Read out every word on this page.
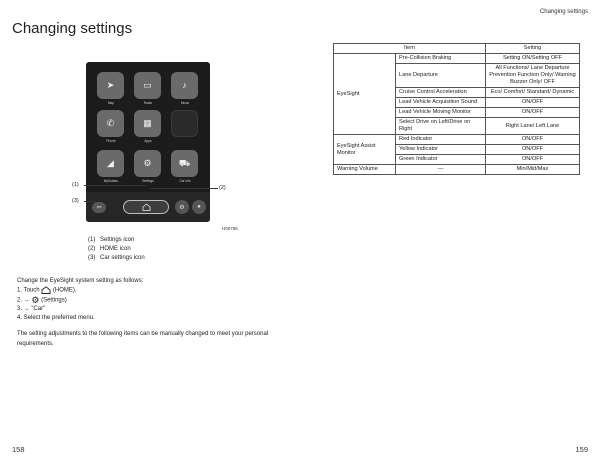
Changing settings
Changing settings
➤
Map
▭
Radio
♪
Music
✆
Phone
▦
Apps
◢
MySubaru
⚙
Settings
⛟
Car Info
⇦	⚙	●
(1)	(2)
(3)
H00756
(1) Settings icon
(2) HOME icon
(3) Car settings icon

Change the EyeSight system setting as follows:

1. Touch (HOME).

2. → ⚙ (Settings)

3. → "Car"

4. Select the preferred menu.

The setting adjustments to the following items can be manually changed to meet your personal requirements.
Item		Setting
EyeSight	Pre-Collision Braking	Setting ON/Setting OFF
	Lane Departure	All Functions/ Lane Departure Prevention Function Only/ Warning Buzzer Only/ OFF
	Cruise Control Acceleration	Eco/ Comfort/ Standard/ Dynamic
	Lead Vehicle Acquisition Sound	ON/OFF
	Lead Vehicle Moving Monitor	ON/OFF
	Select Drive on Left/Drive on Right	Right Lane/ Left Lane
EyeSight Assist Monitor	Red Indicator	ON/OFF
	Yellow Indicator	ON/OFF
	Green Indicator	ON/OFF
Warning Volume	—	Min/Mid/Max
158	159
